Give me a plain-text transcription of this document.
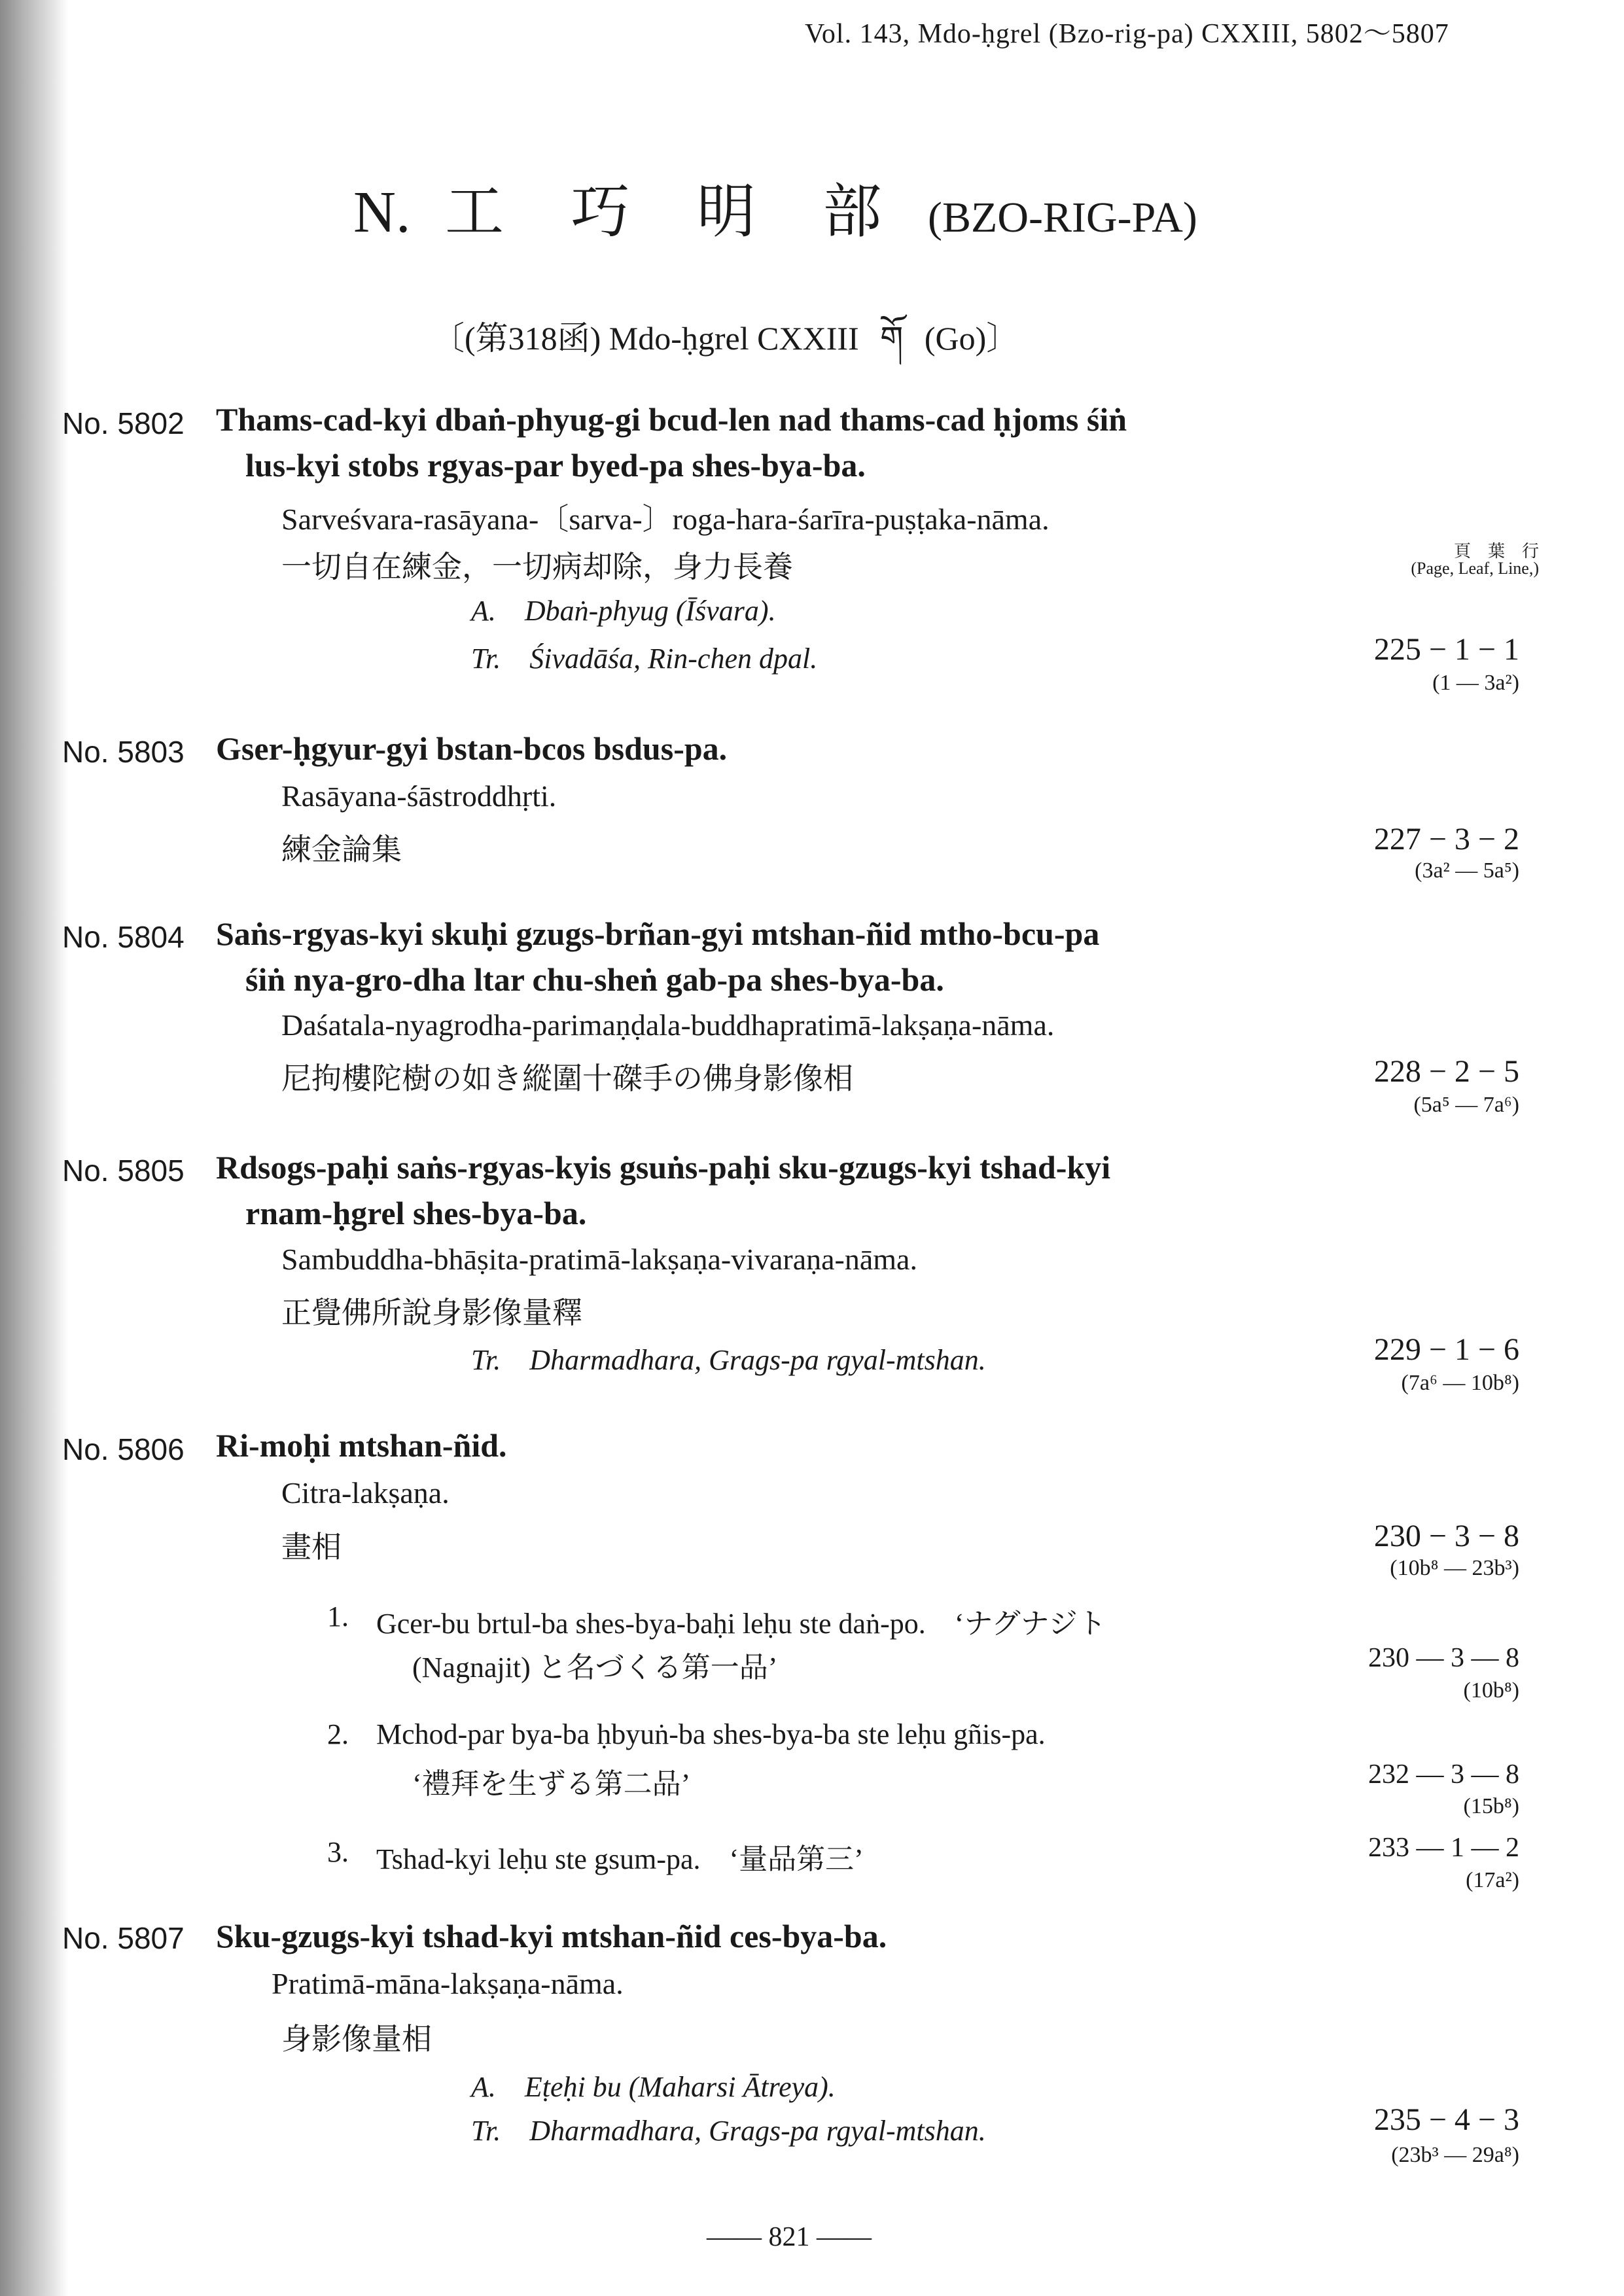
Vol. 143, Mdo-ḥgrel (Bzo-rig-pa) CXXIII, 5802〜5807
N. 工 巧 明 部 (BZO-RIG-PA)
〔(第318函) Mdo-ḥgrel CXXIII གོ (Go)〕
頁　葉　行
(Page, Leaf, Line,)
No. 5802 Thams-cad-kyi dbaṅ-phyug-gi bcud-len nad thams-cad ḥjoms śiṅ
lus-kyi stobs rgyas-par byed-pa shes-bya-ba.
Sarveśvara-rasāyana-〔sarva-〕roga-hara-śarīra-puṣṭaka-nāma.
一切自在練金，一切病却除，身力長養
A.　Dbaṅ-phyug (Īśvara).
Tr.　Śivadāśa, Rin-chen dpal.	225 − 1 − 1
(1 — 3a²)
No. 5803 Gser-ḥgyur-gyi bstan-bcos bsdus-pa.
Rasāyana-śāstroddhṛti.
練金論集	227 − 3 − 2
(3a² — 5a⁵)
No. 5804 Saṅs-rgyas-kyi skuḥi gzugs-brñan-gyi mtshan-ñid mtho-bcu-pa
śiṅ nya-gro-dha ltar chu-sheṅ gab-pa shes-bya-ba.
Daśatala-nyagrodha-parimaṇḍala-buddhapratimā-lakṣaṇa-nāma.
尼拘樓陀樹の如き縱圍十磔手の佛身影像相	228 − 2 − 5
(5a⁵ — 7a⁶)
No. 5805 Rdsogs-paḥi saṅs-rgyas-kyis gsuṅs-paḥi sku-gzugs-kyi tshad-kyi
rnam-ḥgrel shes-bya-ba.
Sambuddha-bhāṣita-pratimā-lakṣaṇa-vivaraṇa-nāma.
正覺佛所說身影像量釋
Tr.　Dharmadhara, Grags-pa rgyal-mtshan.	229 − 1 − 6
(7a⁶ — 10b⁸)
No. 5806 Ri-moḥi mtshan-ñid.
Citra-lakṣaṇa.
畫相	230 − 3 − 8
(10b⁸ — 23b³)
1. Gcer-bu brtul-ba shes-bya-baḥi leḥu ste daṅ-po.　‘ナグナジト
(Nagnajit) と名づくる第一品’	230 — 3 — 8
(10b⁸)
2. Mchod-par bya-ba ḥbyuṅ-ba shes-bya-ba ste leḥu gñis-pa.
‘禮拜を生ずる第二品’	232 — 3 — 8
(15b⁸)
3. Tshad-kyi leḥu ste gsum-pa.　‘量品第三’	233 — 1 — 2
(17a²)
No. 5807 Sku-gzugs-kyi tshad-kyi mtshan-ñid ces-bya-ba.
Pratimā-māna-lakṣaṇa-nāma.
身影像量相
A.　Eṭeḥi bu (Maharsi Ātreya).
Tr.　Dharmadhara, Grags-pa rgyal-mtshan.	235 − 4 − 3
(23b³ — 29a⁸)
—— 821 ——
